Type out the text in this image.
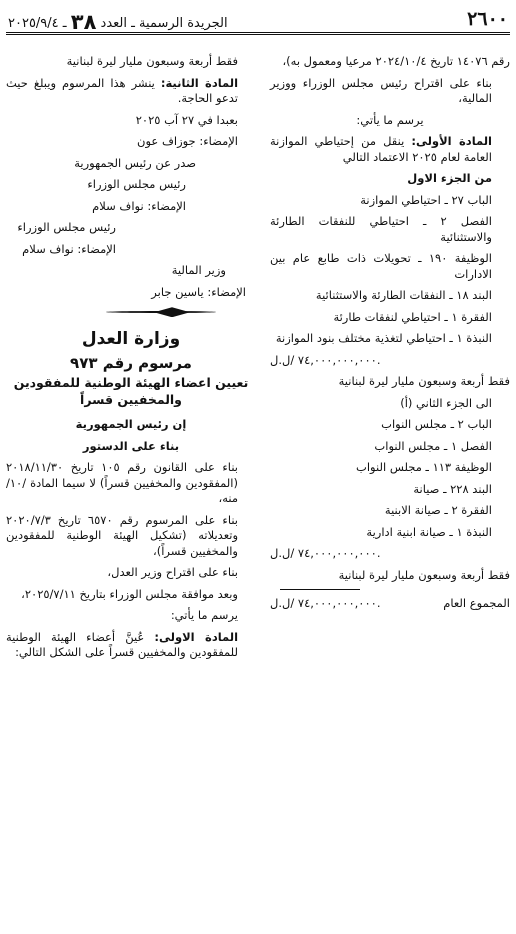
٢٦٠٠
الجريدة الرسمية ـ العدد ٣٨ ـ ٢٠٢٥/٩/٤

رقم ١٤٠٧٦ تاريخ ٢٠٢٤/١٠/٤ مرعيا ومعمول به)،

بناء على اقتراح رئيس مجلس الوزراء ووزير المالية،

يرسم ما يأتي:

المادة الأولى: ينقل من إحتياطي الموازنة العامة لعام ٢٠٢٥ الاعتماد التالي

من الجزء الاول

الباب ٢٧ ـ احتياطي الموازنة

الفصل ٢ ـ احتياطي للنفقات الطارئة والاستثنائية

الوظيفة ١٩٠ ـ تحويلات ذات طابع عام بين الادارات

البند ١٨ ـ النفقات الطارئة والاستثنائية

الفقرة ١ ـ احتياطي لنفقات طارئة

النبذة ١ ـ احتياطي لتغذية مختلف بنود الموازنة

٧٤,٠٠٠,٠٠٠,٠٠٠ /ل.ل.

فقط أربعة وسبعون مليار ليرة لبنانية

الى الجزء الثاني (أ)

الباب ٢ ـ مجلس النواب

الفصل ١ ـ مجلس النواب

الوظيفة ١١٣ ـ مجلس النواب

البند ٢٢٨ ـ صيانة

الفقرة ٢ ـ صيانة الابنية

النبذة ١ ـ صيانة ابنية ادارية

٧٤,٠٠٠,٠٠٠,٠٠٠ /ل.ل.

فقط أربعة وسبعون مليار ليرة لبنانية

المجموع العام
٧٤,٠٠٠,٠٠٠,٠٠٠ /ل.ل.

فقط أربعة وسبعون مليار ليرة لبنانية

المادة الثانية: ينشر هذا المرسوم ويبلغ حيث تدعو الحاجة.

بعبدا في ٢٧ آب ٢٠٢٥

الإمضاء: جوزاف عون

صدر عن رئيس الجمهورية

رئيس مجلس الوزراء

الإمضاء: نواف سلام

رئيس مجلس الوزراء

الإمضاء: نواف سلام

وزير المالية

الإمضاء: ياسين جابر

وزارة العدل
مرسوم رقم ٩٧٣
تعيين اعضاء الهيئة الوطنية للمفقودين والمخفيين قسراً

إن رئيس الجمهورية

بناء على الدستور

بناء على القانون رقم ١٠٥ تاريخ ٢٠١٨/١١/٣٠ (المفقودين والمخفيين قسراً) لا سيما المادة /١٠/ منه،

بناء على المرسوم رقم ٦٥٧٠ تاريخ ٢٠٢٠/٧/٣ وتعديلاته (تشكيل الهيئة الوطنية للمفقودين والمخفيين قسراً)،

بناء على اقتراح وزير العدل،

وبعد موافقة مجلس الوزراء بتاريخ ٢٠٢٥/٧/١١،

يرسم ما يأتي:

المادة الاولى: عُينَّ أعضاء الهيئة الوطنية للمفقودين والمخفيين قسراً على الشكل التالي:
